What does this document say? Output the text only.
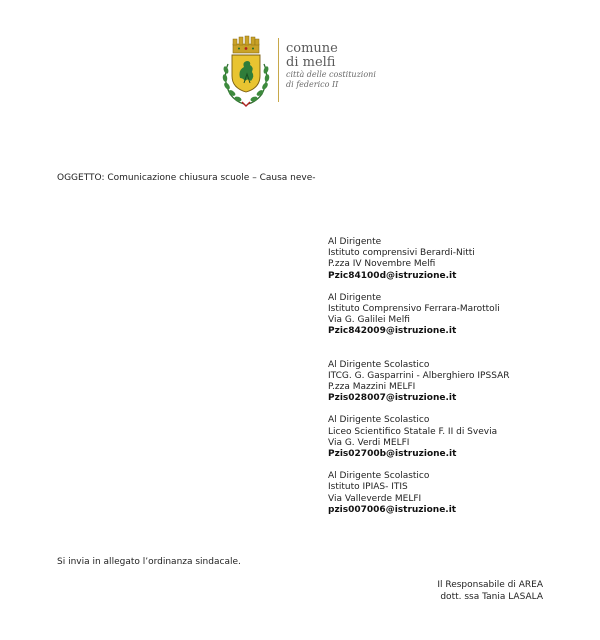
comune
di melfi
città delle costituzioni
di federico II
OGGETTO: Comunicazione chiusura scuole – Causa neve-
Al Dirigente
Istituto comprensivi Berardi-Nitti
P.zza IV Novembre Melfi
Pzic84100d@istruzione.it
Al Dirigente
Istituto Comprensivo Ferrara-Marottoli
Via G. Galilei Melfi
Pzic842009@istruzione.it
Al Dirigente Scolastico
ITCG. G. Gasparrini - Alberghiero IPSSAR
P.zza Mazzini MELFI
Pzis028007@istruzione.it
Al Dirigente Scolastico
Liceo Scientifico Statale F. II di Svevia
Via G. Verdi MELFI
Pzis02700b@istruzione.it
Al Dirigente Scolastico
Istituto IPIAS- ITIS
Via Valleverde MELFI
pzis007006@istruzione.it
Si invia in allegato l’ordinanza sindacale.
Il Responsabile di AREA
dott. ssa Tania LASALA
